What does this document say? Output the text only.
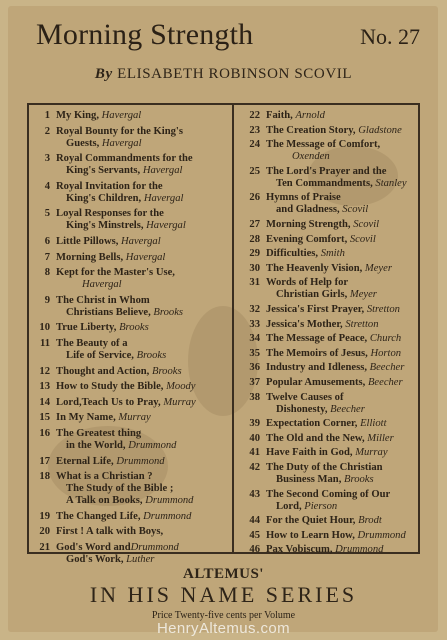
Morning Strength	No. 27
By ELISABETH ROBINSON SCOVIL
1 My King, Havergal
2 Royal Bounty for the King's
Guests, Havergal
3 Royal Commandments for the
King's Servants, Havergal
4 Royal Invitation for the
King's Children, Havergal
5 Loyal Responses for the
King's Minstrels, Havergal
6 Little Pillows, Havergal
7 Morning Bells, Havergal
8 Kept for the Master's Use,
Havergal
9 The Christ in Whom
Christians Believe, Brooks
10 True Liberty, Brooks
11 The Beauty of a
Life of Service, Brooks
12 Thought and Action, Brooks
13 How to Study the Bible, Moody
14 Lord,Teach Us to Pray, Murray
15 In My Name, Murray
16 The Greatest thing
in the World, Drummond
17 Eternal Life, Drummond
18 What is a Christian ?
The Study of the Bible ;
A Talk on Books, Drummond
19 The Changed Life, Drummond
20 First ! A talk with Boys,
21 God's Word andDrummond
God's Work, Luther
22 Faith, Arnold
23 The Creation Story, Gladstone
24 The Message of Comfort,
Oxenden
25 The Lord's Prayer and the
Ten Commandments, Stanley
26 Hymns of Praise
and Gladness, Scovil
27 Morning Strength, Scovil
28 Evening Comfort, Scovil
29 Difficulties, Smith
30 The Heavenly Vision, Meyer
31 Words of Help for
Christian Girls, Meyer
32 Jessica's First Prayer, Stretton
33 Jessica's Mother, Stretton
34 The Message of Peace, Church
35 The Memoirs of Jesus, Horton
36 Industry and Idleness, Beecher
37 Popular Amusements, Beecher
38 Twelve Causes of
Dishonesty, Beecher
39 Expectation Corner, Elliott
40 The Old and the New, Miller
41 Have Faith in God, Murray
42 The Duty of the Christian
Business Man, Brooks
43 The Second Coming of Our
Lord, Pierson
44 For the Quiet Hour, Brodt
45 How to Learn How, Drummond
46 Pax Vobiscum, Drummond
ALTEMUS'
IN HIS NAME SERIES
Price Twenty-five cents per Volume
HenryAltemus.com
